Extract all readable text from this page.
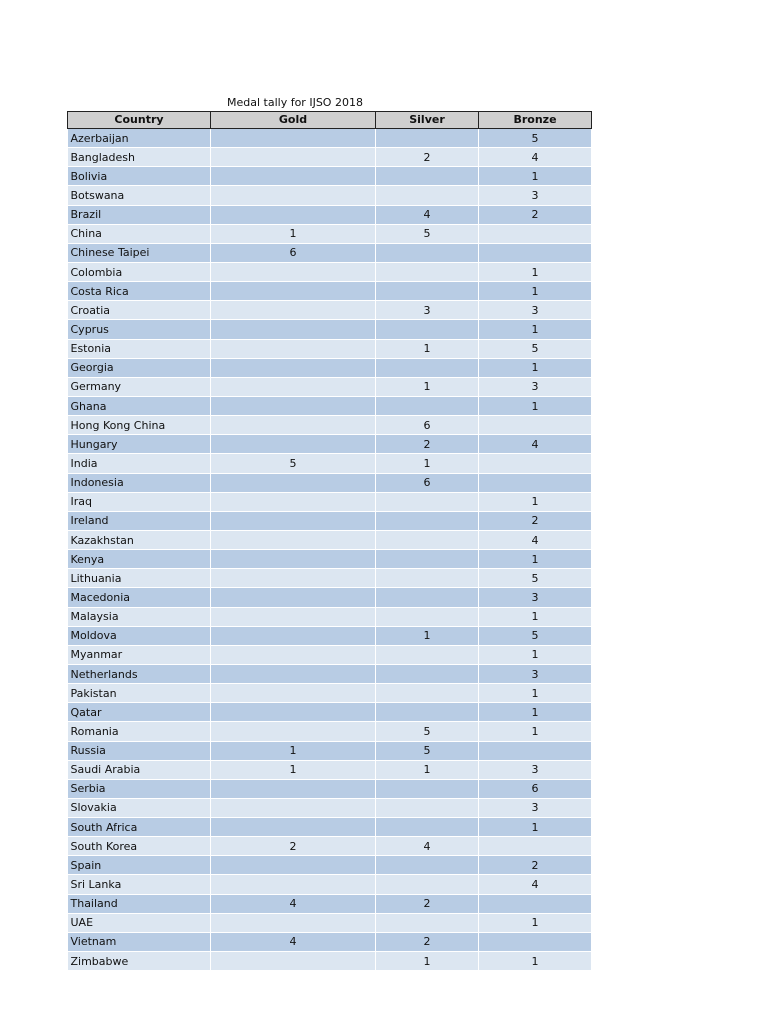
Medal tally for IJSO 2018
Country	Gold	Silver	Bronze
Azerbaijan			5
Bangladesh		2	4
Bolivia			1
Botswana			3
Brazil		4	2
China	1	5	
Chinese Taipei	6		
Colombia			1
Costa Rica			1
Croatia		3	3
Cyprus			1
Estonia		1	5
Georgia			1
Germany		1	3
Ghana			1
Hong Kong China		6	
Hungary		2	4
India	5	1	
Indonesia		6	
Iraq			1
Ireland			2
Kazakhstan			4
Kenya			1
Lithuania			5
Macedonia			3
Malaysia			1
Moldova		1	5
Myanmar			1
Netherlands			3
Pakistan			1
Qatar			1
Romania		5	1
Russia	1	5	
Saudi Arabia	1	1	3
Serbia			6
Slovakia			3
South Africa			1
South Korea	2	4	
Spain			2
Sri Lanka			4
Thailand	4	2	
UAE			1
Vietnam	4	2	
Zimbabwe		1	1
